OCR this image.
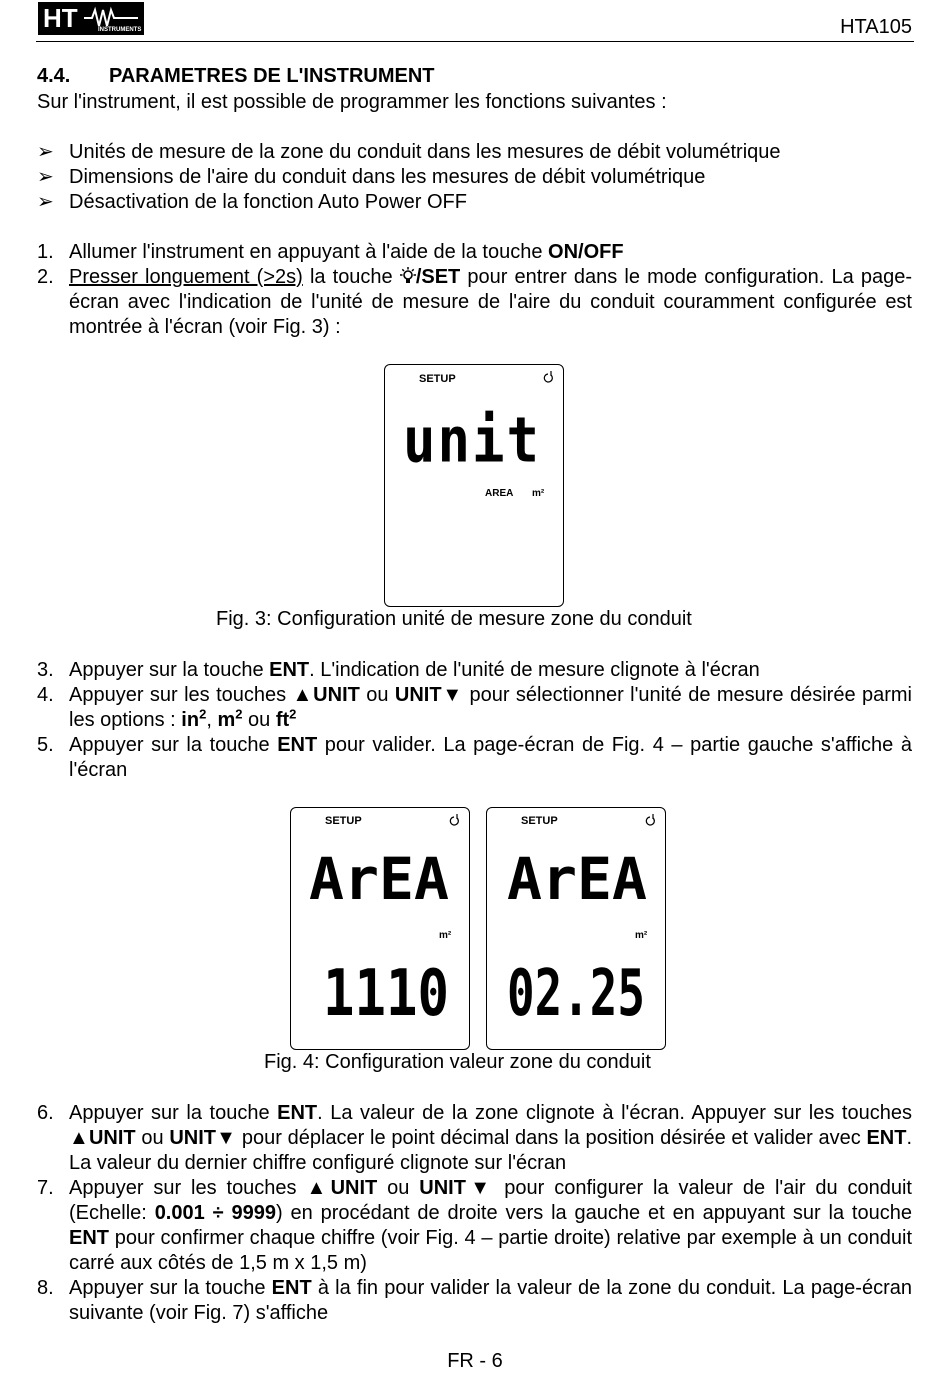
HT	INSTRUMENTS	HTA105
4.4. PARAMETRES DE L'INSTRUMENT
Sur l'instrument, il est possible de programmer les fonctions suivantes :
➢ Unités de mesure de la zone du conduit dans les mesures de débit volumétrique
➢ Dimensions de l'aire du conduit dans les mesures de débit volumétrique
➢ Désactivation de la fonction Auto Power OFF
1. Allumer l'instrument en appuyant à l'aide de la touche ON/OFF
2. Presser longuement (>2s) la touche /SET pour entrer dans le mode configuration. La page-écran avec l'indication de l'unité de mesure de l'aire du conduit couramment configurée est montrée à l'écran (voir Fig. 3) :
SETUP
unit
AREA m²
Fig. 3: Configuration unité de mesure zone du conduit
3. Appuyer sur la touche ENT. L'indication de l'unité de mesure clignote à l'écran
4. Appuyer sur les touches ▲UNIT ou UNIT▼ pour sélectionner l'unité de mesure désirée parmi les options : $in^2$, $m^2$ ou $ft^2$
5. Appuyer sur la touche ENT pour valider. La page-écran de Fig. 4 – partie gauche s'affiche à l'écran
SETUP
ArEA
m²
1110
SETUP
ArEA
m²
02.25
Fig. 4: Configuration valeur zone du conduit
6. Appuyer sur la touche ENT. La valeur de la zone clignote à l'écran. Appuyer sur les touches ▲UNIT ou UNIT▼ pour déplacer le point décimal dans la position désirée et valider avec ENT. La valeur du dernier chiffre configuré clignote sur l'écran
7. Appuyer sur les touches ▲UNIT ou UNIT▼ pour configurer la valeur de l'air du conduit (Echelle: 0.001 ÷ 9999) en procédant de droite vers la gauche et en appuyant sur la touche ENT pour confirmer chaque chiffre (voir Fig. 4 – partie droite) relative par exemple à un conduit carré aux côtés de 1,5 m x 1,5 m)
8. Appuyer sur la touche ENT à la fin pour valider la valeur de la zone du conduit. La page-écran suivante (voir Fig. 7) s'affiche
FR - 6
